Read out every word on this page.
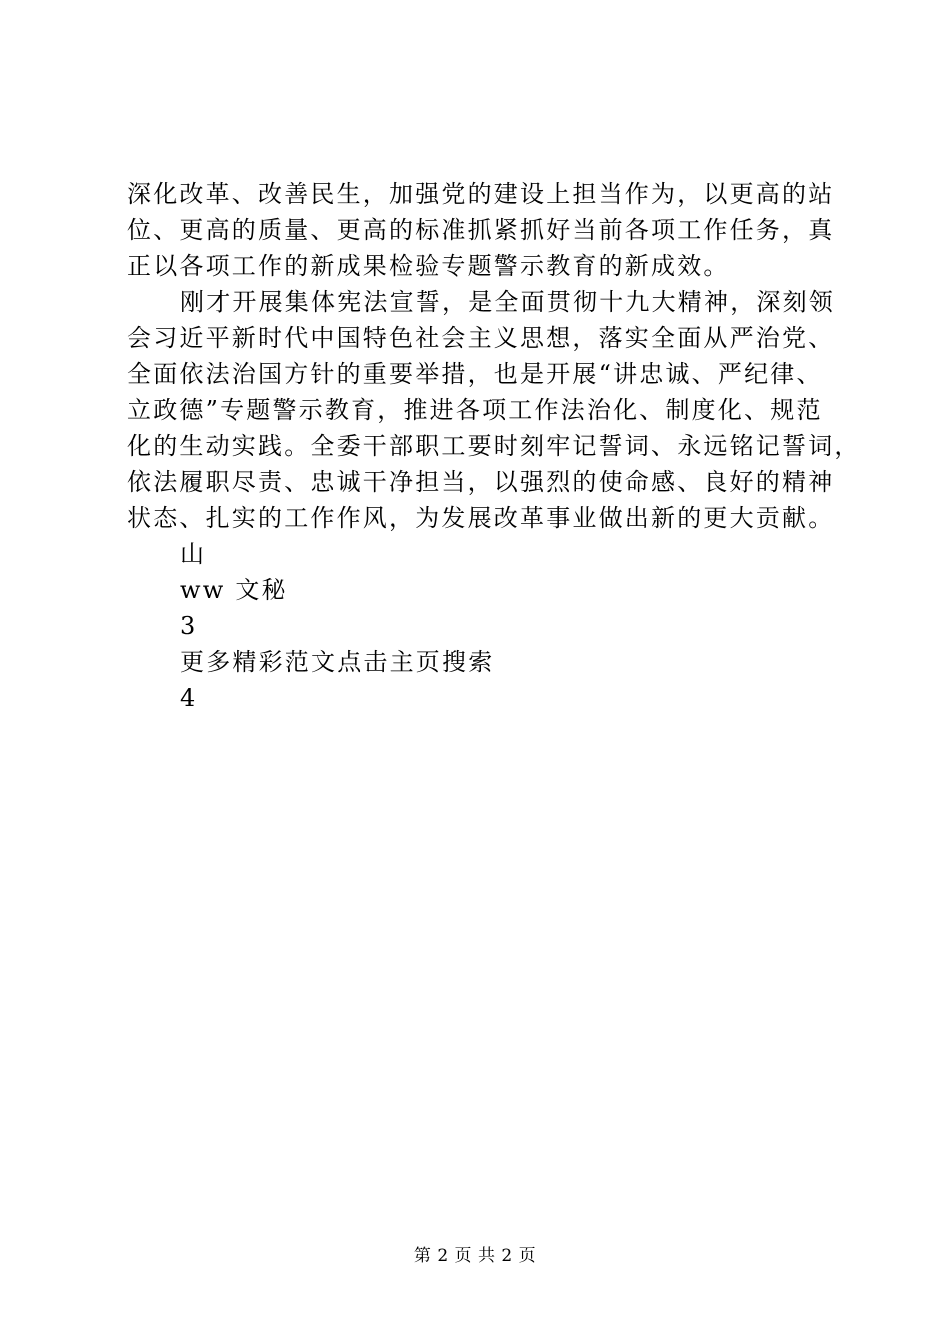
深化改革、改善民生，加强党的建设上担当作为，以更高的站
位、更高的质量、更高的标准抓紧抓好当前各项工作任务，真
正以各项工作的新成果检验专题警示教育的新成效。
刚才开展集体宪法宣誓，是全面贯彻十九大精神，深刻领
会习近平新时代中国特色社会主义思想，落实全面从严治党、
全面依法治国方针的重要举措，也是开展“讲忠诚、严纪律、
立政德”专题警示教育，推进各项工作法治化、制度化、规范
化的生动实践。全委干部职工要时刻牢记誓词、永远铭记誓词，
依法履职尽责、忠诚干净担当，以强烈的使命感、良好的精神
状态、扎实的工作作风，为发展改革事业做出新的更大贡献。
山
ww 文秘
3
更多精彩范文点击主页搜索
4
第 2 页 共 2 页
